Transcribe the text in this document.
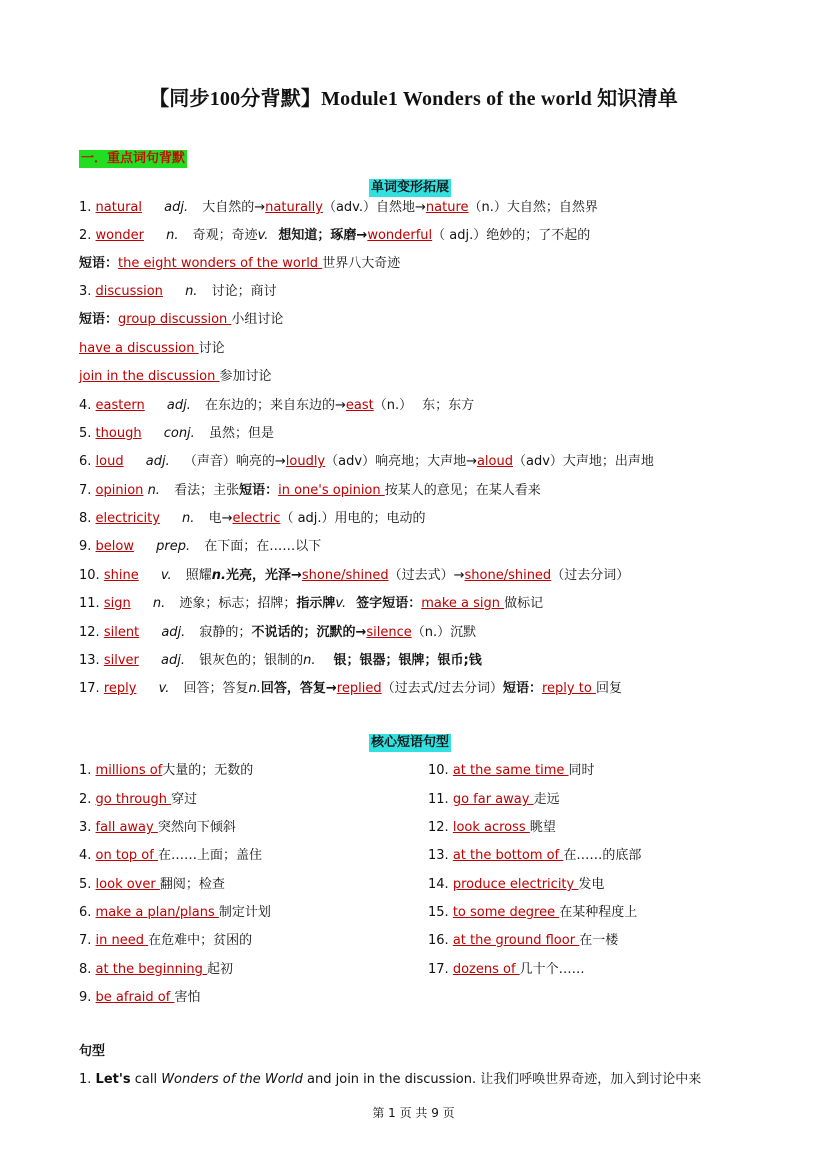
【同步100分背默】Module1 Wonders of the world 知识清单
一．重点词句背默
单词变形拓展
1. natural adj. 大自然的→naturally（adv.）自然地→nature（n.）大自然；自然界
2. wonder n. 奇观；奇迹v. 想知道；琢磨→wonderful（ adj.）绝妙的；了不起的
短语：the eight wonders of the world 世界八大奇迹
3. discussion n. 讨论；商讨
短语：group discussion 小组讨论
have a discussion 讨论
join in the discussion 参加讨论
4. eastern adj. 在东边的；来自东边的→east（n.） 东；东方
5. though conj. 虽然；但是
6. loud adj. （声音）响亮的→loudly（adv）响亮地；大声地→aloud（adv）大声地；出声地
7. opinion n. 看法；主张短语：in one's opinion 按某人的意见；在某人看来
8. electricity n. 电→electric（ adj.）用电的；电动的
9. below prep. 在下面；在……以下
10. shine v. 照耀n.光亮，光泽→shone/shined（过去式）→shone/shined（过去分词）
11. sign n. 迹象；标志；招牌；指示牌v. 签字短语：make a sign 做标记
12. silent adj. 寂静的；不说话的；沉默的→silence（n.）沉默
13. silver adj. 银灰色的；银制的n. 银；银器；银牌；银币;钱
17. reply v. 回答；答复n.回答，答复→replied（过去式/过去分词）短语：reply to 回复
核心短语句型
1. millions of大量的；无数的
2. go through 穿过
3. fall away 突然向下倾斜
4. on top of 在……上面；盖住
5. look over 翻阅；检查
6. make a plan/plans 制定计划
7. in need 在危难中；贫困的
8. at the beginning 起初
9. be afraid of 害怕
10. at the same time 同时
11. go far away 走远
12. look across 眺望
13. at the bottom of 在……的底部
14. produce electricity 发电
15. to some degree 在某种程度上
16. at the ground floor 在一楼
17. dozens of 几十个……
句型
1. Let's call Wonders of the World and join in the discussion. 让我们呼唤世界奇迹，加入到讨论中来
第 1 页 共 9 页
